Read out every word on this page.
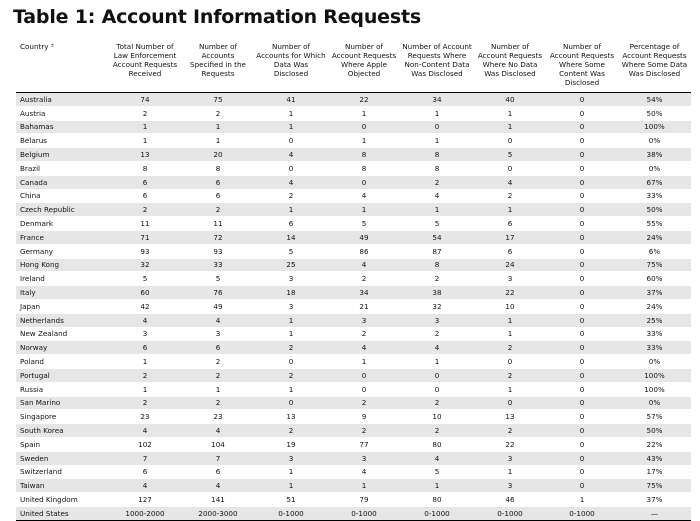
Table 1: Account Information Requests
Country ³	Total Number of Law Enforcement Account Requests Received	Number of Accounts Specified in the Requests	Number of Accounts for Which Data Was Disclosed	Number of Account Requests Where Apple Objected	Number of Account Requests Where Non-Content Data Was Disclosed	Number of Account Requests Where No Data Was Disclosed	Number of Account Requests Where Some Content Was Disclosed	Percentage of Account Requests Where Some Data Was Disclosed
Australia	74	75	41	22	34	40	0	54%
Austria	2	2	1	1	1	1	0	50%
Bahamas	1	1	1	0	0	1	0	100%
Belarus	1	1	0	1	1	0	0	0%
Belgium	13	20	4	8	8	5	0	38%
Brazil	8	8	0	8	8	0	0	0%
Canada	6	6	4	0	2	4	0	67%
China	6	6	2	4	4	2	0	33%
Czech Republic	2	2	1	1	1	1	0	50%
Denmark	11	11	6	5	5	6	0	55%
France	71	72	14	49	54	17	0	24%
Germany	93	93	5	86	87	6	0	6%
Hong Kong	32	33	25	4	8	24	0	75%
Ireland	5	5	3	2	2	3	0	60%
Italy	60	76	18	34	38	22	0	37%
Japan	42	49	3	21	32	10	0	24%
Netherlands	4	4	1	3	3	1	0	25%
New Zealand	3	3	1	2	2	1	0	33%
Norway	6	6	2	4	4	2	0	33%
Poland	1	2	0	1	1	0	0	0%
Portugal	2	2	2	0	0	2	0	100%
Russia	1	1	1	0	0	1	0	100%
San Marino	2	2	0	2	2	0	0	0%
Singapore	23	23	13	9	10	13	0	57%
South Korea	4	4	2	2	2	2	0	50%
Spain	102	104	19	77	80	22	0	22%
Sweden	7	7	3	3	4	3	0	43%
Switzerland	6	6	1	4	5	1	0	17%
Taiwan	4	4	1	1	1	3	0	75%
United Kingdom	127	141	51	79	80	46	1	37%
United States	1000-2000	2000-3000	0-1000	0-1000	0-1000	0-1000	0-1000	—
